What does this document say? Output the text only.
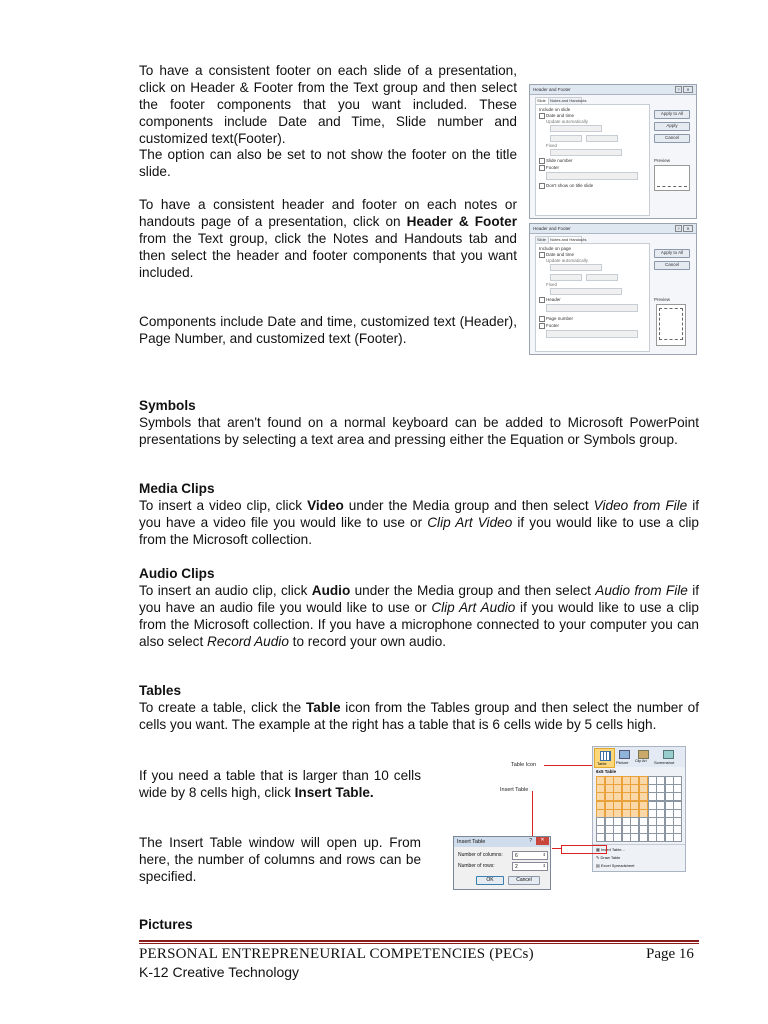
To have a consistent footer on each slide of a presentation, click on Header & Footer from the Text group and then select the footer components that you want included. These components include Date and Time, Slide number and customized text(Footer).

The option can also be set to not show the footer on the title slide.

To have a consistent header and footer on each notes or handouts page of a presentation, click on Header & Footer from the Text group, click the Notes and Handouts tab and then select the header and footer components that you want included.

Components include Date and time, customized text (Header), Page Number, and customized text (Footer).

Header and Footer	?	✕
Slide Notes and Handouts
Include on slide
Date and time
Update automatically
Fixed
Slide number
Footer
Don't show on title slide
Apply to All
Apply
Cancel
Preview
Header and Footer	?	✕
Slide Notes and Handouts
Include on page
Date and time
Update automatically
Fixed
Header
Page number
Footer
Apply to All
Cancel
Preview

Symbols
Symbols that aren't found on a normal keyboard can be added to Microsoft PowerPoint presentations by selecting a text area and pressing either the Equation or Symbols group.

Media Clips
To insert a video clip, click Video under the Media group and then select Video from File if you have a video file you would like to use or Clip Art Video if you would like to use a clip from the Microsoft collection.

Audio Clips
To insert an audio clip, click Audio under the Media group and then select Audio from File if you have an audio file you would like to use or Clip Art Audio if you would like to use a clip from the Microsoft collection. If you have a microphone connected to your computer you can also select Record Audio to record your own audio.

Tables
To create a table, click the Table icon from the Tables group and then select the number of cells you want. The example at the right has a table that is 6 cells wide by 5 cells high.

If you need a table that is larger than 10 cells wide by 8 cells high, click Insert Table.

The Insert Table window will open up. From here, the number of columns and rows can be specified.

Table Icon
Insert Table
Table Picture Clip Art	Screenshot
6x5 Table
▦ Insert Table...
✎ Draw Table
▤ Excel Spreadsheet
Insert Table	?	✕
Number of columns: 6	⇕
Number of rows:	2	⇕
OK	Cancel

Pictures

PERSONAL ENTREPRENEURIAL COMPETENCIES (PECs)	Page 16
K-12 Creative Technology
